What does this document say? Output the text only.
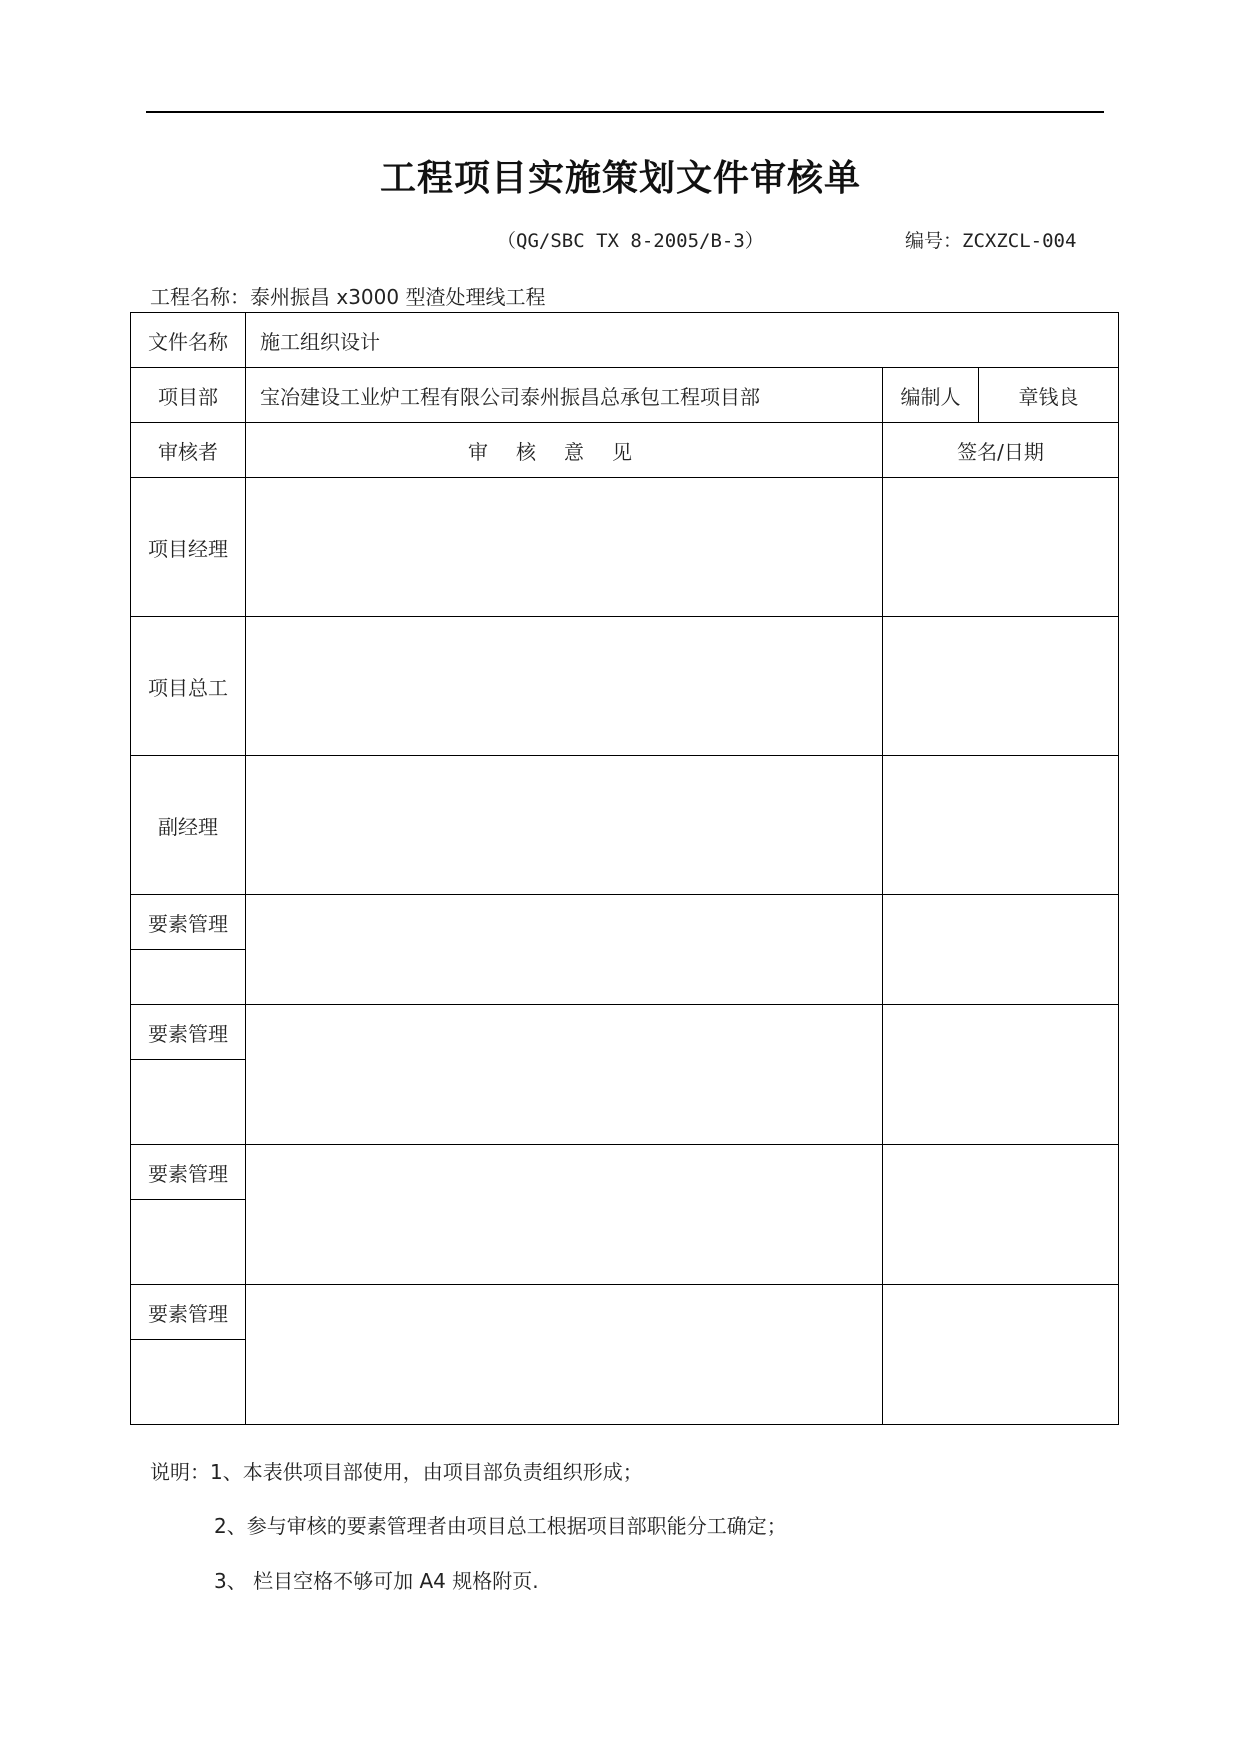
工程项目实施策划文件审核单
（QG/SBC TX 8-2005/B-3）	编号：ZCXZCL-004
工程名称：泰州振昌 x3000 型渣处理线工程
文件名称	施工组织设计		
项目部	宝冶建设工业炉工程有限公司泰州振昌总承包工程项目部	编制人	章钱良
审核者	审核意见	签名/日期	
项目经理			
项目总工			
副经理			
要素管理			

要素管理			

要素管理			

要素管理			

说明：1、本表供项目部使用，由项目部负责组织形成；
2、参与审核的要素管理者由项目总工根据项目部职能分工确定；
3、 栏目空格不够可加 A4 规格附页.
